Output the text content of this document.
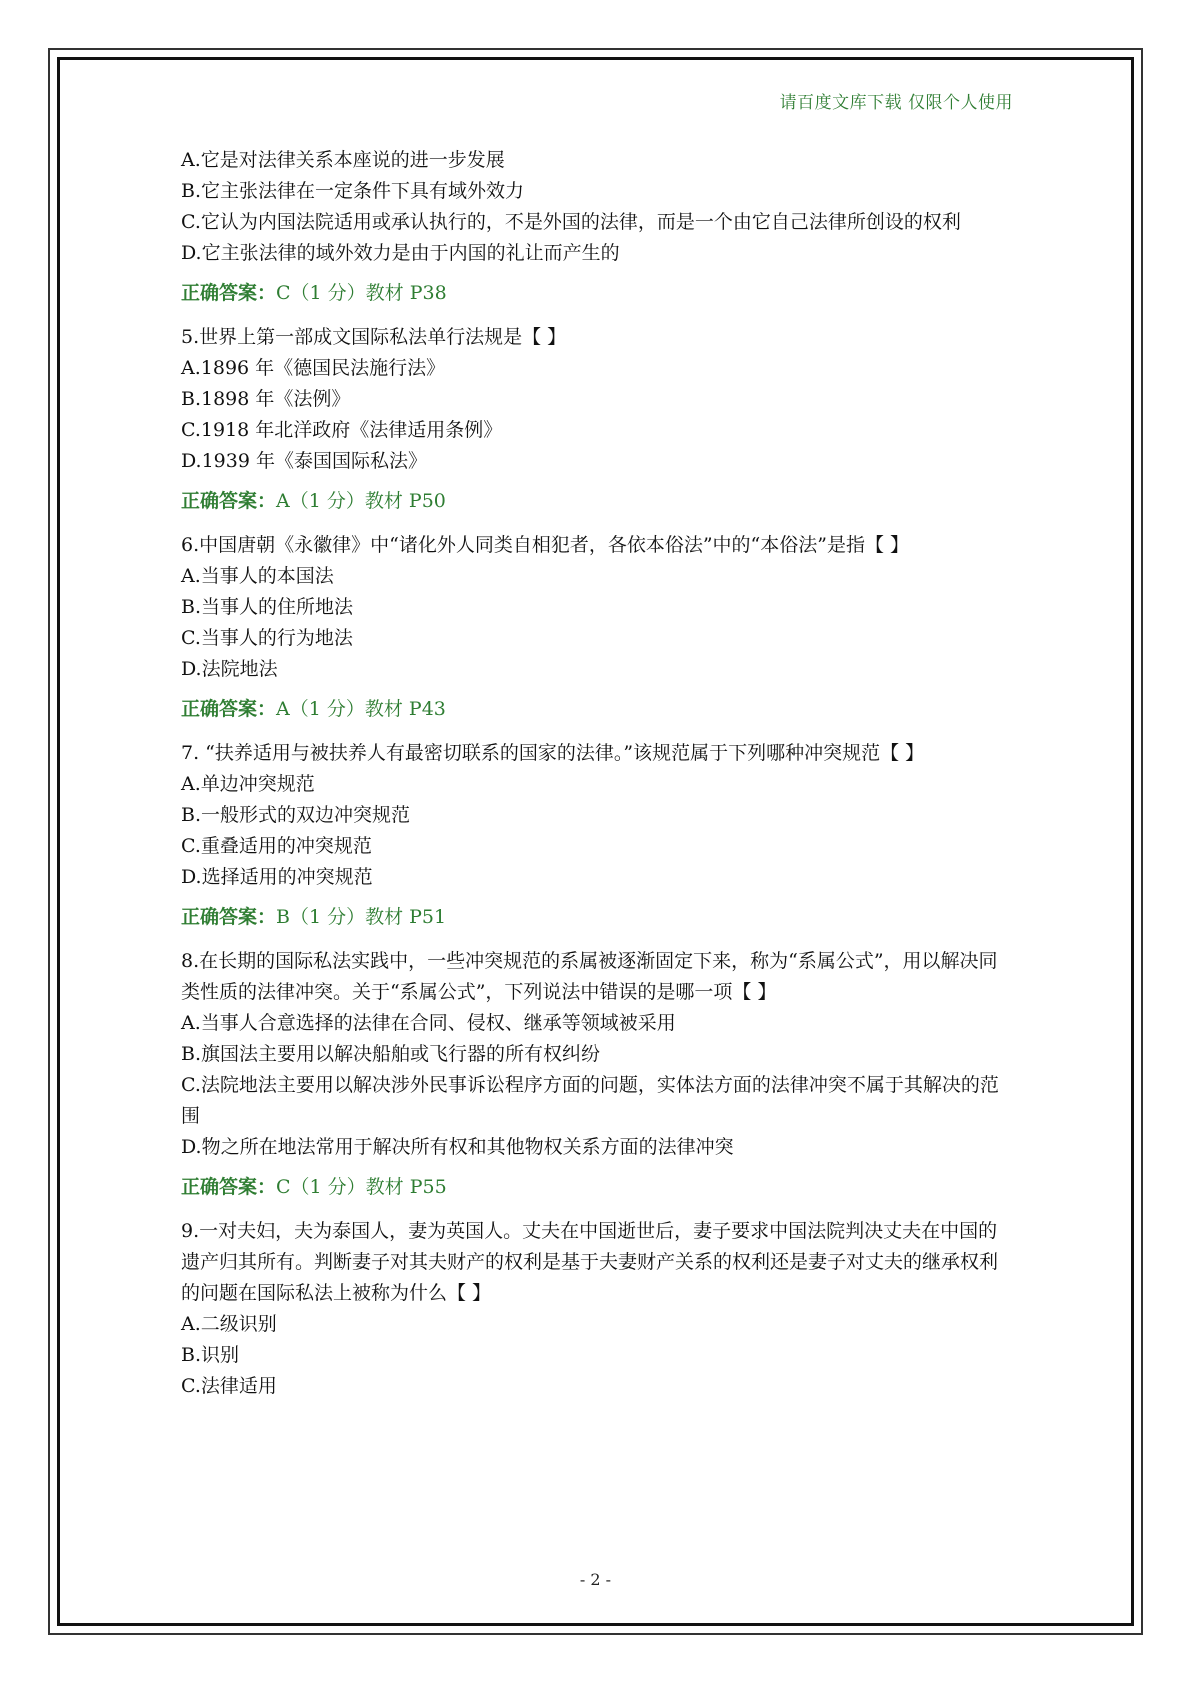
请百度文库下载 仅限个人使用

A.它是对法律关系本座说的进一步发展

B.它主张法律在一定条件下具有域外效力

C.它认为内国法院适用或承认执行的，不是外国的法律，而是一个由它自己法律所创设的权利

D.它主张法律的域外效力是由于内国的礼让而产生的

正确答案：C（1 分）教材 P38

5.世界上第一部成文国际私法单行法规是【 】

A.1896 年《德国民法施行法》

B.1898 年《法例》

C.1918 年北洋政府《法律适用条例》

D.1939 年《泰国国际私法》

正确答案：A（1 分）教材 P50

6.中国唐朝《永徽律》中“诸化外人同类自相犯者，各依本俗法”中的“本俗法”是指【 】

A.当事人的本国法

B.当事人的住所地法

C.当事人的行为地法

D.法院地法

正确答案：A（1 分）教材 P43

7. “扶养适用与被扶养人有最密切联系的国家的法律。”该规范属于下列哪种冲突规范【 】

A.单边冲突规范

B.一般形式的双边冲突规范

C.重叠适用的冲突规范

D.选择适用的冲突规范

正确答案：B（1 分）教材 P51

8.在长期的国际私法实践中，一些冲突规范的系属被逐渐固定下来，称为“系属公式”，用以解决同类性质的法律冲突。关于“系属公式”，下列说法中错误的是哪一项【 】

A.当事人合意选择的法律在合同、侵权、继承等领域被采用

B.旗国法主要用以解决船舶或飞行器的所有权纠纷

C.法院地法主要用以解决涉外民事诉讼程序方面的问题，实体法方面的法律冲突不属于其解决的范围

D.物之所在地法常用于解决所有权和其他物权关系方面的法律冲突

正确答案：C（1 分）教材 P55

9.一对夫妇，夫为泰国人，妻为英国人。丈夫在中国逝世后，妻子要求中国法院判决丈夫在中国的遗产归其所有。判断妻子对其夫财产的权利是基于夫妻财产关系的权利还是妻子对丈夫的继承权利的问题在国际私法上被称为什么【 】

A.二级识别

B.识别

C.法律适用

- 2 -
